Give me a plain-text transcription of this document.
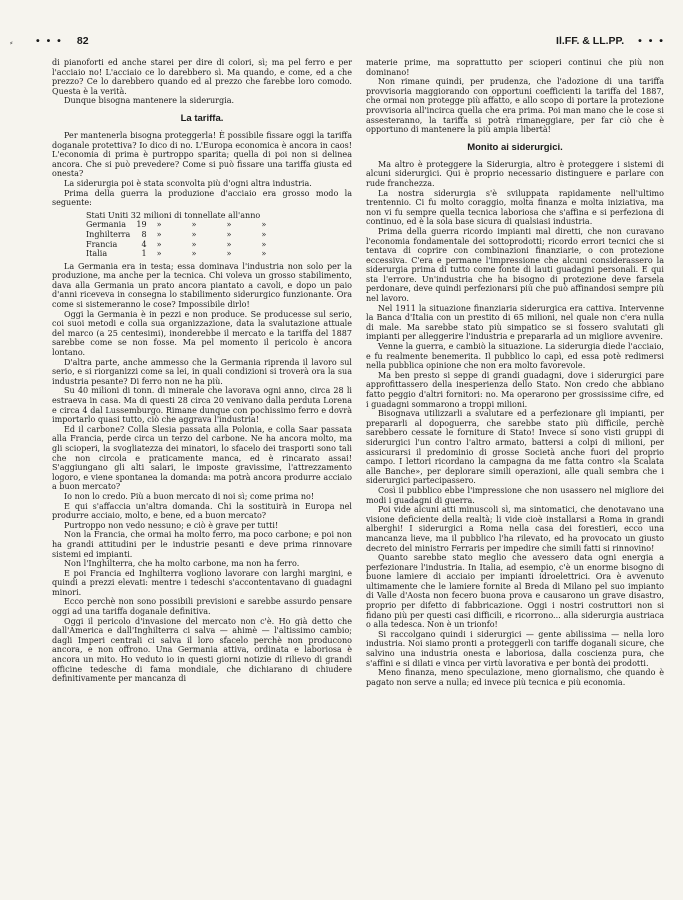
⸗ • • • 82	Il.FF. & LL.PP. • • •

di pianoforti ed anche starei per dire di colori, sì; ma pel ferro e per l'acciaio no! L'acciaio ce lo darebbero sì. Ma quando, e come, ed a che prezzo? Ce lo darebbero quando ed al prezzo che farebbe loro comodo. Questa è la verità.

Dunque bisogna mantenere la siderurgia.

La tariffa.

Per mantenerla bisogna proteggerla! È possibile fissare oggi la tariffa doganale protettiva? Io dico di no. L'Europa economica è ancora in caos! L'economia di prima è purtroppo sparita; quella di poi non si delinea ancora. Che si può prevedere? Come si può fissare una tariffa giusta ed onesta?

La siderurgia poi è stata sconvolta più d'ogni altra industria.

Prima della guerra la produzione d'acciaio era grosso modo la seguente:

Stati Uniti 32 milioni di tonnellate all'anno
Germania	19	»	»	»	»
Inghilterra	8	»	»	»	»
Francia	4	»	»	»	»
Italia	1	»	»	»	»

La Germania era in testa; essa dominava l'industria non solo per la produzione, ma anche per la tecnica. Chi voleva un grosso stabilimento, dava alla Germania un prato ancora piantato a cavoli, e dopo un paio d'anni riceveva in consegna lo stabilimento siderurgico funzionante. Ora come si sistemeranno le cose? Impossibile dirlo!

Oggi la Germania è in pezzi e non produce. Se producesse sul serio, coi suoi metodi e colla sua organizzazione, data la svalutazione attuale del marco (a 25 centesimi), inonderebbe il mercato e la tariffa del 1887 sarebbe come se non fosse. Ma pel momento il pericolo è ancora lontano.

D'altra parte, anche ammesso che la Germania riprenda il lavoro sul serio, e si riorganizzi come sa lei, in quali condizioni si troverà ora la sua industria pesante? Di ferro non ne ha più.

Su 40 milioni di tonn. di minerale che lavorava ogni anno, circa 28 li estraeva in casa. Ma di questi 28 circa 20 venivano dalla perduta Lorena e circa 4 dal Lussemburgo. Rimane dunque con pochissimo ferro e dovrà importarlo quasi tutto, ciò che aggrava l'industria!

Ed il carbone? Colla Slesia passata alla Polonia, e colla Saar passata alla Francia, perde circa un terzo del carbone. Ne ha ancora molto, ma gli scioperi, la svogliatezza dei minatori, lo sfacelo dei trasporti sono tali che non circola e praticamente manca, ed è rincarato assai! S'aggiungano gli alti salari, le imposte gravissime, l'attrezzamento logoro, e viene spontanea la domanda: ma potrà ancora produrre acciaio a buon mercato?

Io non lo credo. Più a buon mercato di noi sì; come prima no!

E qui s'affaccia un'altra domanda. Chi la sostituirà in Europa nel produrre acciaio, molto, e bene, ed a buon mercato?

Purtroppo non vedo nessuno; e ciò è grave per tutti!

Non la Francia, che ormai ha molto ferro, ma poco carbone; e poi non ha grandi attitudini per le industrie pesanti e deve prima rinnovare sistemi ed impianti.

Non l'Inghilterra, che ha molto carbone, ma non ha ferro.

E poi Francia ed Inghilterra vogliono lavorare con larghi margini, e quindi a prezzi elevati: mentre i tedeschi s'accontentavano di guadagni minori.

Ecco perchè non sono possibili previsioni e sarebbe assurdo pensare oggi ad una tariffa doganale definitiva.

Oggi il pericolo d'invasione del mercato non c'è. Ho già detto che dall'America e dall'Inghilterra ci salva — ahimè — l'altissimo cambio; dagli Imperi centrali ci salva il loro sfacelo perchè non producono ancora, e non offrono. Una Germania attiva, ordinata e laboriosa è ancora un mito. Ho veduto io in questi giorni notizie di rilievo di grandi officine tedesche di fama mondiale, che dichiarano di chiudere definitivamente per mancanza di

materie prime, ma soprattutto per scioperi continui che più non dominano!

Non rimane quindi, per prudenza, che l'adozione di una tariffa provvisoria maggiorando con opportuni coefficienti la tariffa del 1887, che ormai non protegge più affatto, e allo scopo di portare la protezione provvisoria all'incirca quella che era prima. Poi man mano che le cose si assesteranno, la tariffa si potrà rimaneggiare, per far ciò che è opportuno di mantenere la più ampia libertà!

Monito ai siderurgici.

Ma altro è proteggere la Siderurgia, altro è proteggere i sistemi di alcuni siderurgici. Qui è proprio necessario distinguere e parlare con rude franchezza.

La nostra siderurgia s'è sviluppata rapidamente nell'ultimo trentennio. Ci fu molto coraggio, molta finanza e molta iniziativa, ma non vi fu sempre quella tecnica laboriosa che s'affina e si perfeziona di continuo, ed è la sola base sicura di qualsiasi industria.

Prima della guerra ricordo impianti mal diretti, che non curavano l'economia fondamentale dei sottoprodotti; ricordo errori tecnici che si tentava di coprire con combinazioni finanziarie, o con protezione eccessiva. C'era e permane l'impressione che alcuni considerassero la siderurgia prima di tutto come fonte di lauti guadagni personali. E qui sta l'errore. Un'industria che ha bisogno di protezione deve farsela perdonare, deve quindi perfezionarsi più che può affinandosi sempre più nel lavoro.

Nel 1911 la situazione finanziaria siderurgica era cattiva. Intervenne la Banca d'Italia con un prestito di 65 milioni, nel quale non c'era nulla di male. Ma sarebbe stato più simpatico se si fossero svalutati gli impianti per alleggerire l'industria e prepararla ad un migliore avvenire.

Venne la guerra, e cambiò la situazione. La siderurgia diede l'acciaio, e fu realmente benemerita. Il pubblico lo capì, ed essa potè redimersi nella pubblica opinione che non era molto favorevole.

Ma ben presto si seppe di grandi guadagni, dove i siderurgici pare approfittassero della inesperienza dello Stato. Non credo che abbiano fatto peggio d'altri fornitori: no. Ma operarono per grossissime cifre, ed i guadagni sommarono a troppi milioni.

Bisognava utilizzarli a svalutare ed a perfezionare gli impianti, per prepararli al dopoguerra, che sarebbe stato più difficile, perchè sarebbero cessate le forniture di Stato! Invece si sono visti gruppi di siderurgici l'un contro l'altro armato, battersi a colpi di milioni, per assicurarsi il predominio di grosse Società anche fuori del proprio campo. I lettori ricordano la campagna da me fatta contro «la Scalata alle Banche», per deplorare simili operazioni, alle quali sembra che i siderurgici partecipassero.

Così il pubblico ebbe l'impressione che non usassero nel migliore dei modi i guadagni di guerra.

Poi vide alcuni atti minuscoli sì, ma sintomatici, che denotavano una visione deficiente della realtà; li vide cioè installarsi a Roma in grandi alberghi! I siderurgici a Roma nella casa dei forestieri, ecco una mancanza lieve, ma il pubblico l'ha rilevato, ed ha provocato un giusto decreto del ministro Ferraris per impedire che simili fatti si rinnovino!

Quanto sarebbe stato meglio che avessero data ogni energia a perfezionare l'industria. In Italia, ad esempio, c'è un enorme bisogno di buone lamiere di acciaio per impianti idroelettrici. Ora è avvenuto ultimamente che le lamiere fornite al Breda di Milano pel suo impianto di Valle d'Aosta non fecero buona prova e causarono un grave disastro, proprio per difetto di fabbricazione. Oggi i nostri costruttori non si fidano più per questi casi difficili, e ricorrono... alla siderurgia austriaca o alla tedesca. Non è un trionfo!

Si raccolgano quindi i siderurgici — gente abilissima — nella loro industria. Noi siamo pronti a proteggerli con tariffe doganali sicure, che salvino una industria onesta e laboriosa, dalla coscienza pura, che s'affini e si dilati e vinca per virtù lavorativa e per bontà dei prodotti.

Meno finanza, meno speculazione, meno giornalismo, che quando è pagato non serve a nulla; ed invece più tecnica e più economia.
